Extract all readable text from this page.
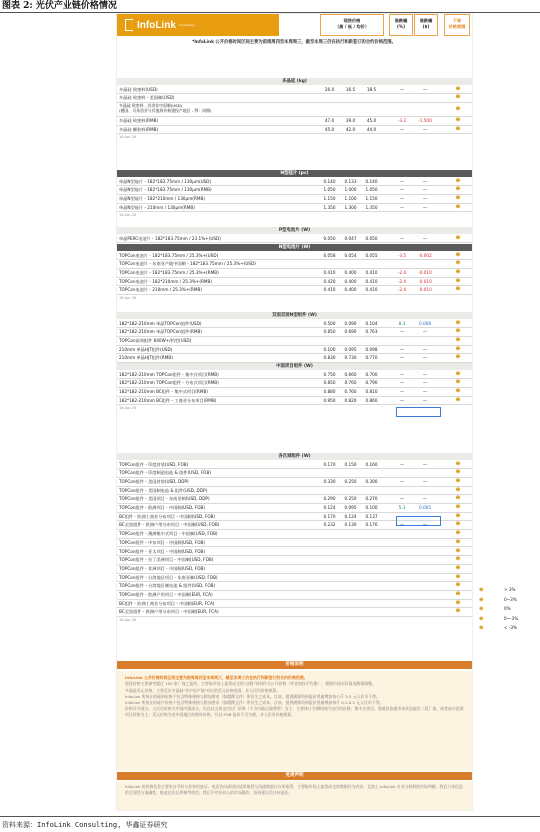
图表 2: 光伏产业链价格情况
InfoLink Consulting
现货价格
（高 / 低 / 均价）
涨跌幅
(%)
涨跌幅
($)
下周
价格预测
*InfoLink 公开价格时间区间主要为前周周四至本周周三，截至本周三仍在执行和新签订的合约价格范围。
多晶硅 (kg)
多晶硅 致密料(USD)	26.0	16.5	18.5	—	—	☻
多晶硅 致密料 - 美国制(USD)	☻
多晶硅 致密料 - 其余非中国制(USD)
(德国、马来西亚与其他海外新建投产地区 - 例：同僚)	☻
多晶硅 致密料(RMB)	47.0	39.0	45.0	-3.2	-1.500	☻
多晶硅 颗粒料(RMB)	45.0	42.0	44.0	—	—	☻
18-Apr-26
N型硅片 (pc)
单晶N型硅片 - 182*183.75mm / 130μm(USD)	0.140	0.133	0.140	—	—	☻
单晶N型硅片 - 182*183.75mm / 130μm(RMB)	1.050	1.000	1.050	—	—	☻
单晶N型硅片 - 182*210mm / 130μm(RMB)	1.150	1.100	1.150	—	—	☻
单晶N型硅片 - 210mm / 130μm(RMB)	1.350	1.300	1.350	—	—	☻
18-Apr-26
P型电池片 (W)
单晶PERC电池片 - 182*183.75mm / 23.1%+(USD)	0.050	0.047	0.050	—	—	☻
N型电池片 (W)
TOPCon电池片 - 182*183.75mm / 25.3%+(USD)	0.058	0.054	0.055	-3.5	-0.002	☻
TOPCon电池片 - 东南亚产地中国制 - 182*183.75mm / 25.3%+(USD)	☻
TOPCon电池片 - 182*183.75mm / 25.3%+(RMB)	0.410	0.400	0.410	-2.4	-0.010	☻
TOPCon电池片 - 182*210mm / 25.3%+(RMB)	0.420	0.400	0.410	-2.4	-0.010	☻
TOPCon电池片 - 210mm / 25.3%+(RMB)	0.410	0.400	0.410	-2.4	-0.010	☻
18-Apr-26
双面双玻N型组件 (W)
182*182-210mm 单晶TOPCon组件(USD)	0.500	0.090	0.104	8.3	0.008	☻
182*182-210mm 单晶TOPCon组件(RMB)	0.850	0.690	0.763	—	—	☻
TOPCon高效组件 640W+/档型(USD)	☻
210mm 单晶HJT组件(USD)	0.100	0.095	0.098	—	—	☻
210mm 单晶HJT组件(RMB)	0.830	0.730	0.770	—	—	☻
中国项目组件 (W)
182*182-210mm TOPCon组件 - 集中式项目(RMB)	0.750	0.660	0.700	—	—	☻
182*182-210mm TOPCon组件 - 分布式项目(RMB)	0.850	0.760	0.790	—	—	☻
182*182-210mm BC组件 - 集中式项目(RMB)	0.880	0.760	0.810	—	—	☻
182*182-210mm BC组件 - 工商业分布项目(RMB)	0.950	0.820	0.860	—	—	☻
18-Apr-26
各区域组件 (W)
TOPCon组件 - 印度封装(USD, FOB)	0.170	0.150	0.160	—	—	☻
TOPCon组件 - 印度制造电池 & 组件(USD, FOB)	☻
TOPCon组件 - 美国封装(USD, DDP)	0.330	0.250	0.300	—	—	☻
TOPCon组件 - 美国制电池 & 组件(USD, DDP)	☻
TOPCon组件 - 美国项目 - 东南亚制(USD, DDP)	0.290	0.250	0.270	—	—	☻
TOPCon组件 - 欧洲项目 - 中国制(USD, FOB)	0.124	0.095	0.100	5.3	0.005	☻
BC组件 - 欧洲工商业分布项目 - 中国制(USD, FOB)	0.170	0.124	0.137	—	—	☻
BC全黑组件 - 欧洲户用分布项目 - 中国制(USD, FOB)	0.232	0.130	0.176	—	—	☻
TOPCon组件 - 澳洲集中式项目 - 中国制(USD, FOB)	☻
TOPCon组件 - 中东项目 - 中国制(USD, FOB)	☻
TOPCon组件 - 亚太项目 - 中国制(USD, FOB)	☻
TOPCon组件 - 拉丁美洲项目 - 中国制(USD, FOB)	☻
TOPCon组件 - 非洲项目 - 中国制(USD, FOB)	☻
TOPCon组件 - 台湾地区项目 - 东南亚制(USD, FOB)	☻
TOPCon组件 - 台湾地区制电池 & 组件(USD, FOB)	☻
TOPCon组件 - 欧洲户用项目 - 中国制(EUR, FCA)	☻
BC组件 - 欧洲工商业分布项目 - 中国制(EUR, FCA)	☻
BC全黑组件 - 欧洲户用分布项目 - 中国制(EUR, FCA)	☻
18-Apr-26
价格说明

InfoLink 公开价格时间区间主要为前周周四至本周周三，截至本周三仍在执行和新签订的合约价格范围。

现货价格主要参考超过 100 家厂商之报价，主要取市场上最常成交的"众数"资料作为公开价格（并非加权平均值），根据市场实际情况酌情调整。

多晶硅美元价格，主要反应多晶硅"非中国产地"对应的美元价格范围，非人民币价格换算。

InfoLink 所统计的硅料价格不包含特殊规格与附加要求（如精撰文件）所衍生之成本。目前，提供溯源资料报价普遍增加每公斤 3-5 元人民币不等。

InfoLink 所统计的硅片价格不包含特殊规格与附加要求（如精撰文件）所衍生之成本。目前，提供溯源资料报价普遍增加每片 0.1-0.2 元人民币不等。

价格环节部分，人民币价格为中国内需部分，均在以当周交付出厂价格（不含内陆运输费用）为主；主要统计当期时间内交付的价格；集中式项目，需低价依据市场状态报价二段厂家，或者部分范围项目价格为主；美元价格为非中国地区的海外价格，并以 FOB 报价不含关税，并人民币价格换算。

免责声明
InfoLink 的价格信息主要来自平时与业界的查证、电话访问或请访谈所取得与沟通数据计自所取得，主要取市场上最常成交的数据作为内容，且加上 InfoLink 专业分析群的市场判断，我们力求信息的全面性与准确性，惟此信息仅供参考使用，我们不对任何人的市场操作、投资建议负任何责任。
☻	> 3%
☻	0~3%
☻	0%
☻	0~-3%
☻	< -3%
资料来源：InfoLink Consulting, 华鑫证券研究
